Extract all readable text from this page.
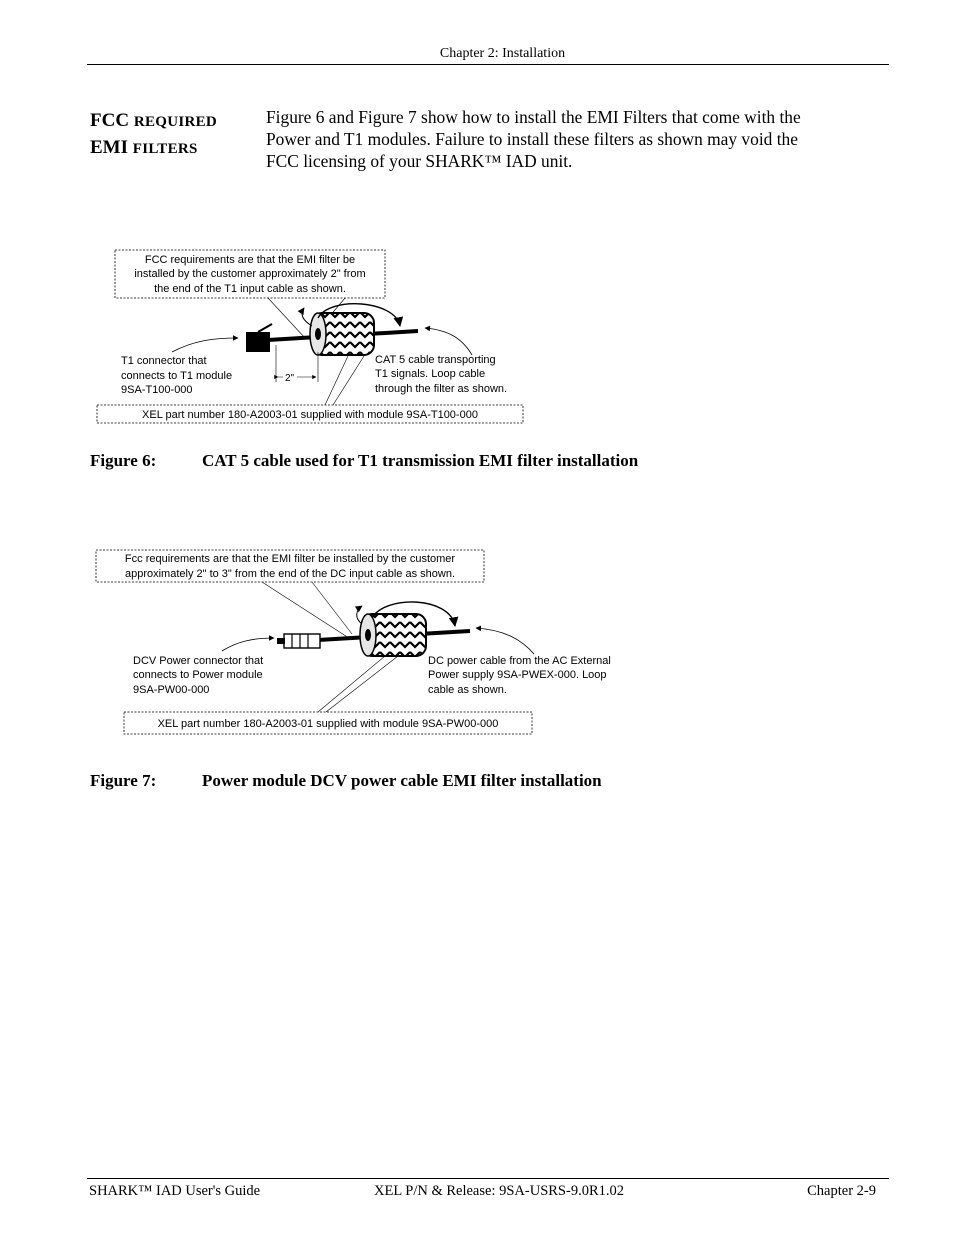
Chapter 2: Installation
FCC REQUIRED
EMI FILTERS
Figure 6 and Figure 7 show how to install the EMI Filters that come with the
Power and T1 modules. Failure to install these filters as shown may void the
FCC licensing of your SHARK™ IAD unit.
FCC requirements are that the EMI filter be
installed by the customer approximately 2" from
the end of the T1 input cable as shown.
T1 connector that
connects to T1 module
9SA-T100-000
2"
CAT 5 cable transporting
T1 signals. Loop cable
through the filter as shown.
XEL part number 180-A2003-01 supplied with module 9SA-T100-000
Figure 6:	CAT 5 cable used for T1 transmission EMI filter installation
Fcc requirements are that the EMI filter be installed by the customer
approximately 2" to 3" from the end of the DC input cable as shown.
DCV Power connector that
connects to Power module
9SA-PW00-000
DC power cable from the AC External
Power supply 9SA-PWEX-000. Loop
cable as shown.
XEL part number 180-A2003-01 supplied with module 9SA-PW00-000
Figure 7:	Power module DCV power cable EMI filter installation
SHARK™ IAD User's Guide	XEL P/N & Release: 9SA-USRS-9.0R1.02	Chapter 2-9
